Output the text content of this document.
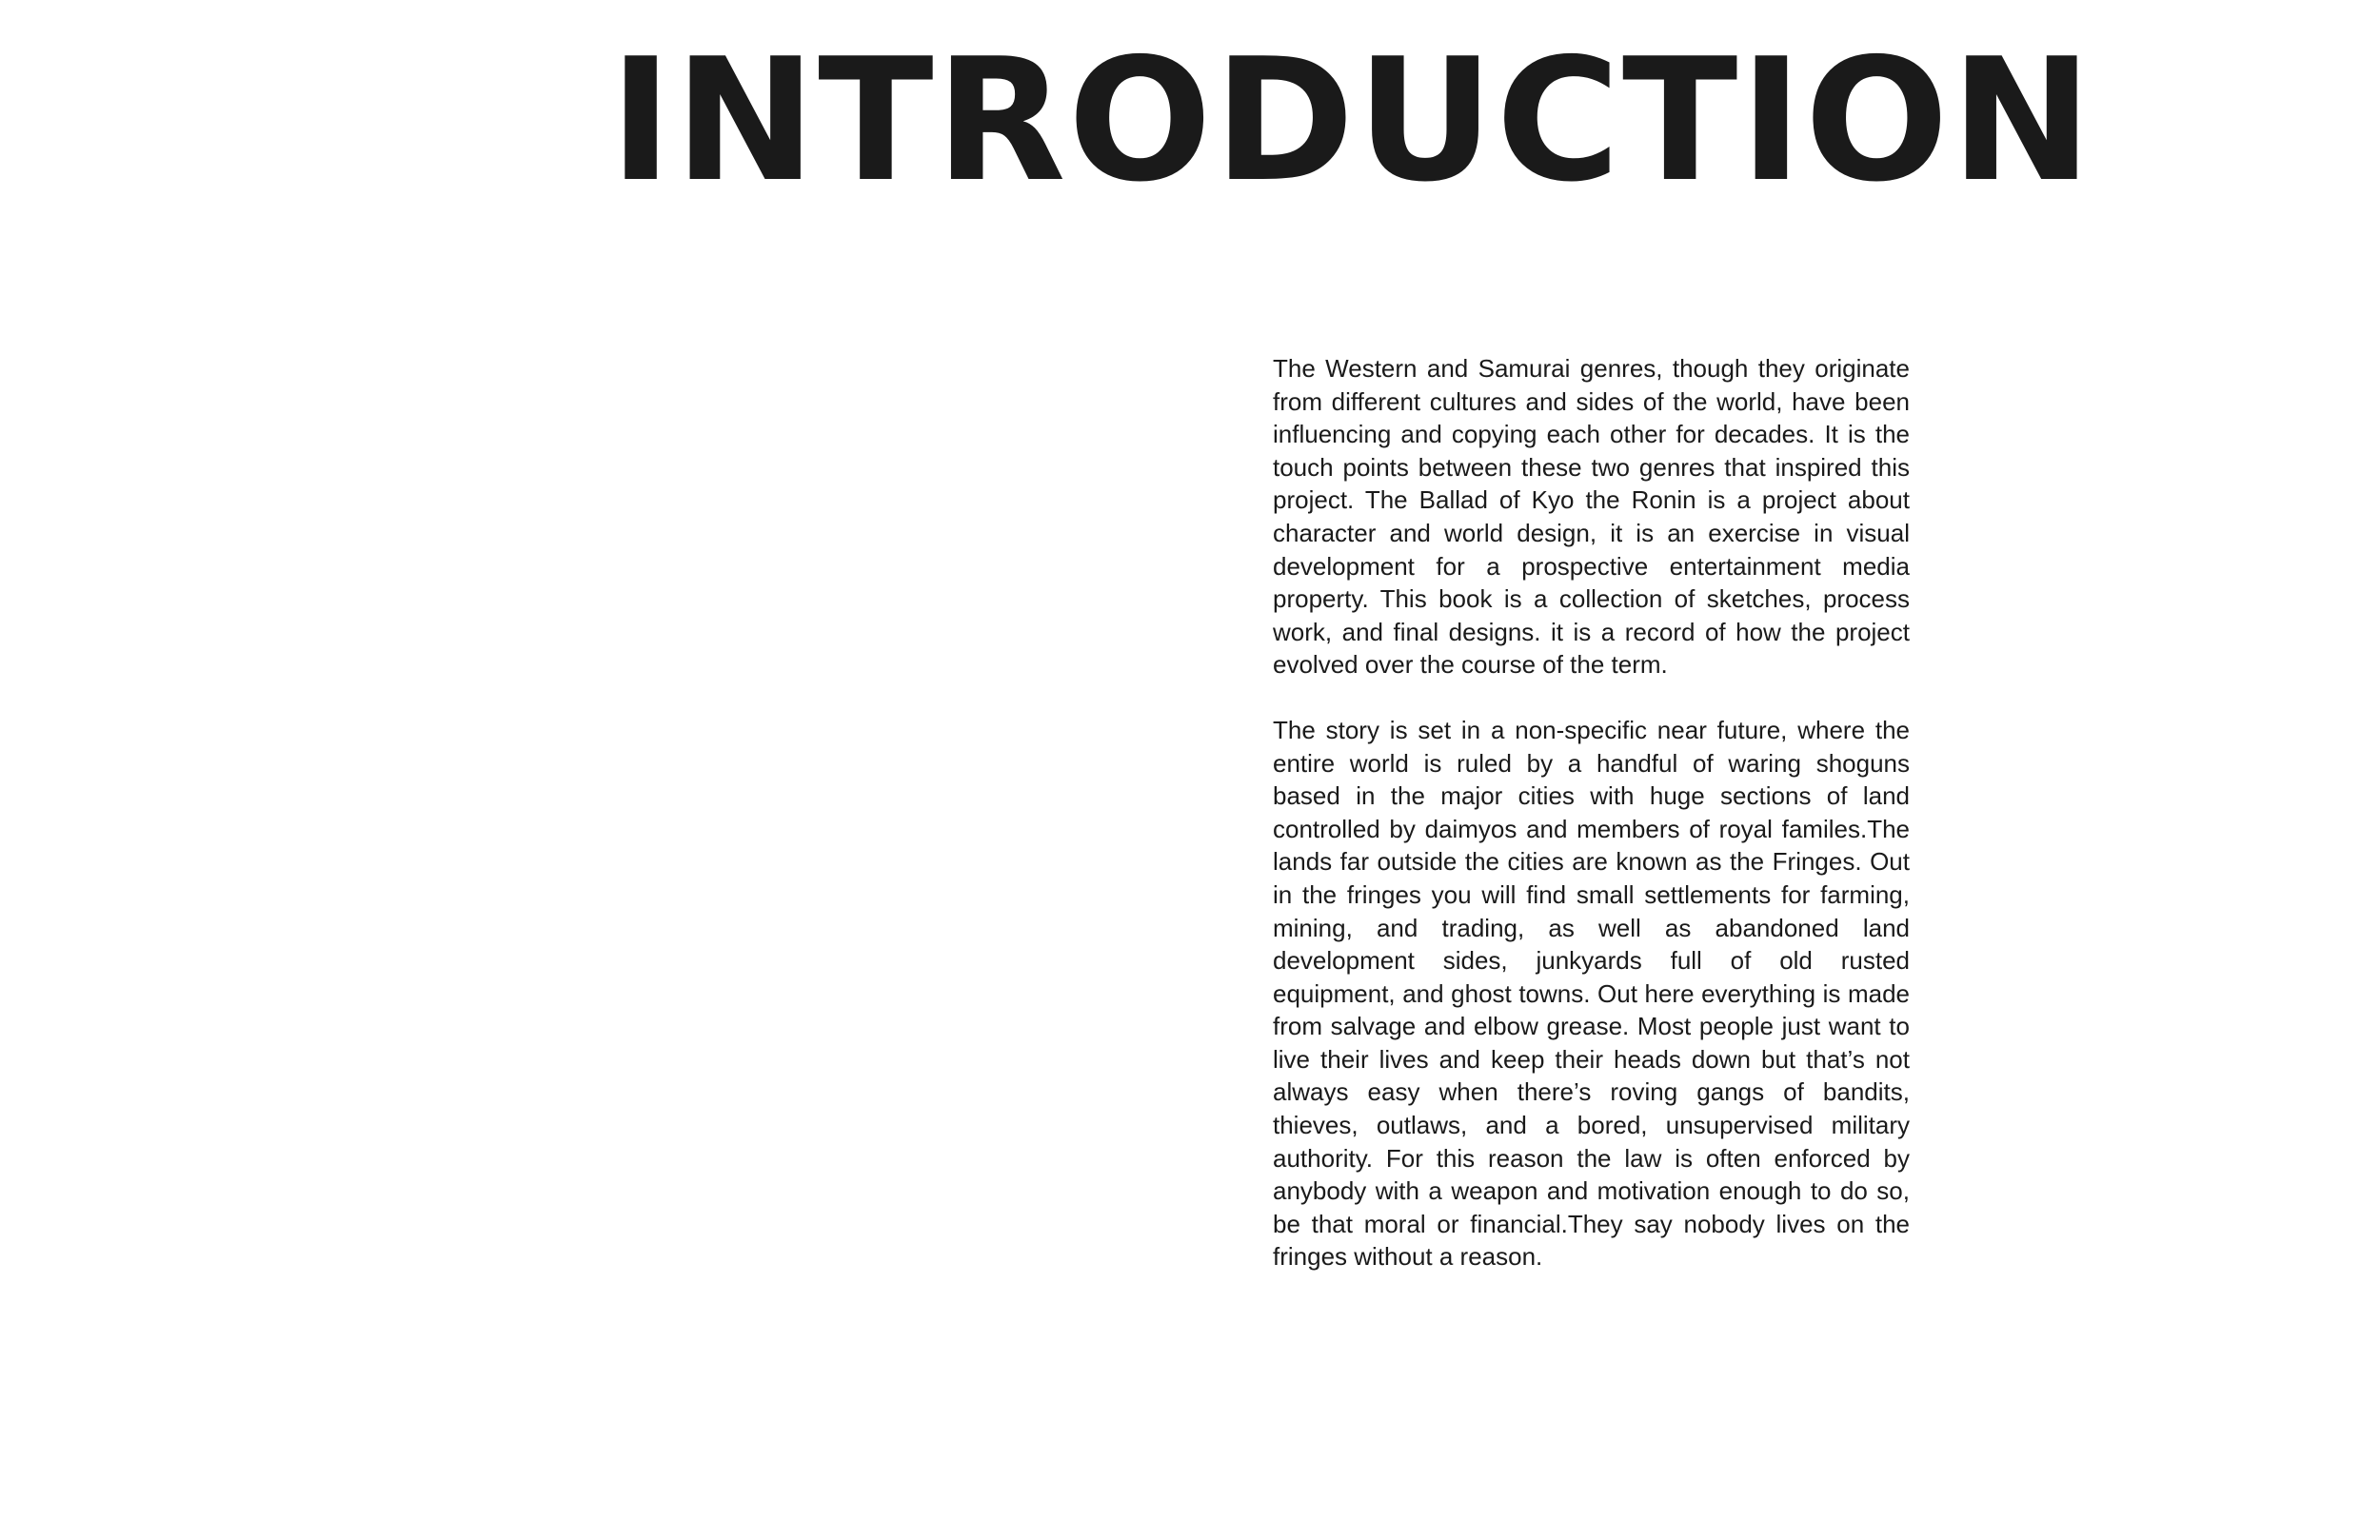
INTRODUCTION

The Western and Samurai genres, though they originate from different cultures and sides of the world, have been influencing and copying each other for decades. It is the touch points between these two genres that inspired this project. The Ballad of Kyo the Ronin is a project about character and world design, it is an exercise in visual development for a prospective entertainment media property. This book is a collection of sketches, process work, and final designs. it is a record of how the project evolved over the course of the term.

The story is set in a non-specific near future, where the entire world is ruled by a handful of waring shoguns based in the major cities with huge sections of land controlled by daimyos and members of royal familes.The lands far outside the cities are known as the Fringes. Out in the fringes you will find small settlements for farming, mining, and trading, as well as abandoned land development sides, junkyards full of old rusted equipment, and ghost towns. Out here everything is made from salvage and elbow grease. Most people just want to live their lives and keep their heads down but that’s not always easy when there’s roving gangs of bandits, thieves, outlaws, and a bored, unsupervised military authority. For this reason the law is often enforced by anybody with a weapon and motivation enough to do so, be that moral or financial.They say nobody lives on the fringes without a reason.
